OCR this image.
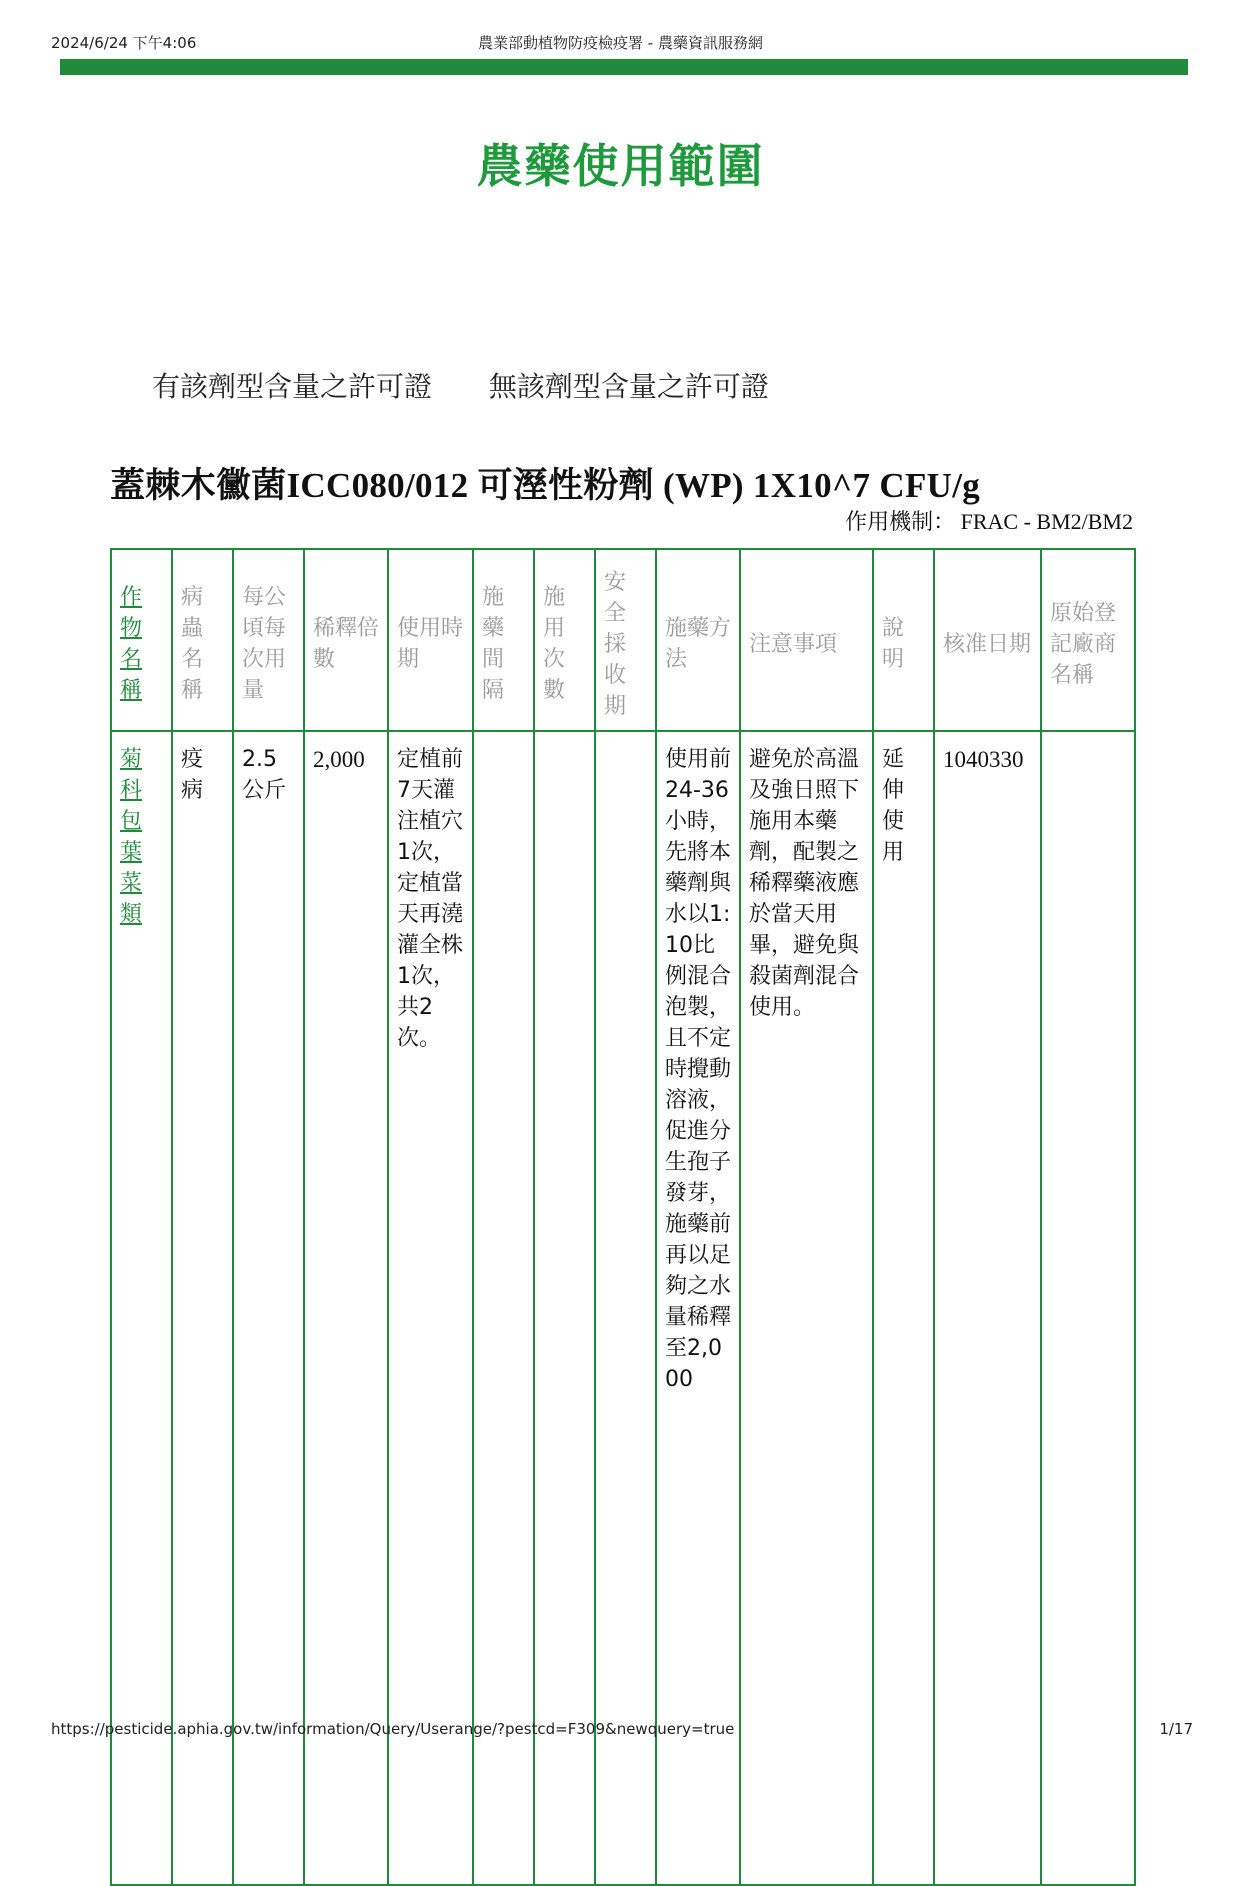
2024/6/24 下午4:06	農業部動植物防疫檢疫署 - 農藥資訊服務網
農藥使用範圍
有該劑型含量之許可證 無該劑型含量之許可證
蓋棘木黴菌ICC080/012 可溼性粉劑 (WP) 1X10^7 CFU/g
作用機制： FRAC - BM2/BM2
作物名稱	病蟲名稱	每公頃每次用量	稀釋倍數	使用時期	施藥間隔	施用次數	安全採收期	施藥方法	注意事項	說明	核准日期	原始登記廠商名稱
菊科包葉菜類	疫病	2.5公斤	2,000	定植前7天灌注植穴1次，定植當天再澆灌全株1次，共2次。				使用前24-36小時，先將本藥劑與水以1:10比例混合泡製，且不定時攪動溶液，促進分生孢子發芽，施藥前再以足夠之水量稀釋至2,000	避免於高溫及強日照下施用本藥劑，配製之稀釋藥液應於當天用畢，避免與殺菌劑混合使用。	延伸使用	1040330	
https://pesticide.aphia.gov.tw/information/Query/Userange/?pestcd=F309&newquery=true	1/17
